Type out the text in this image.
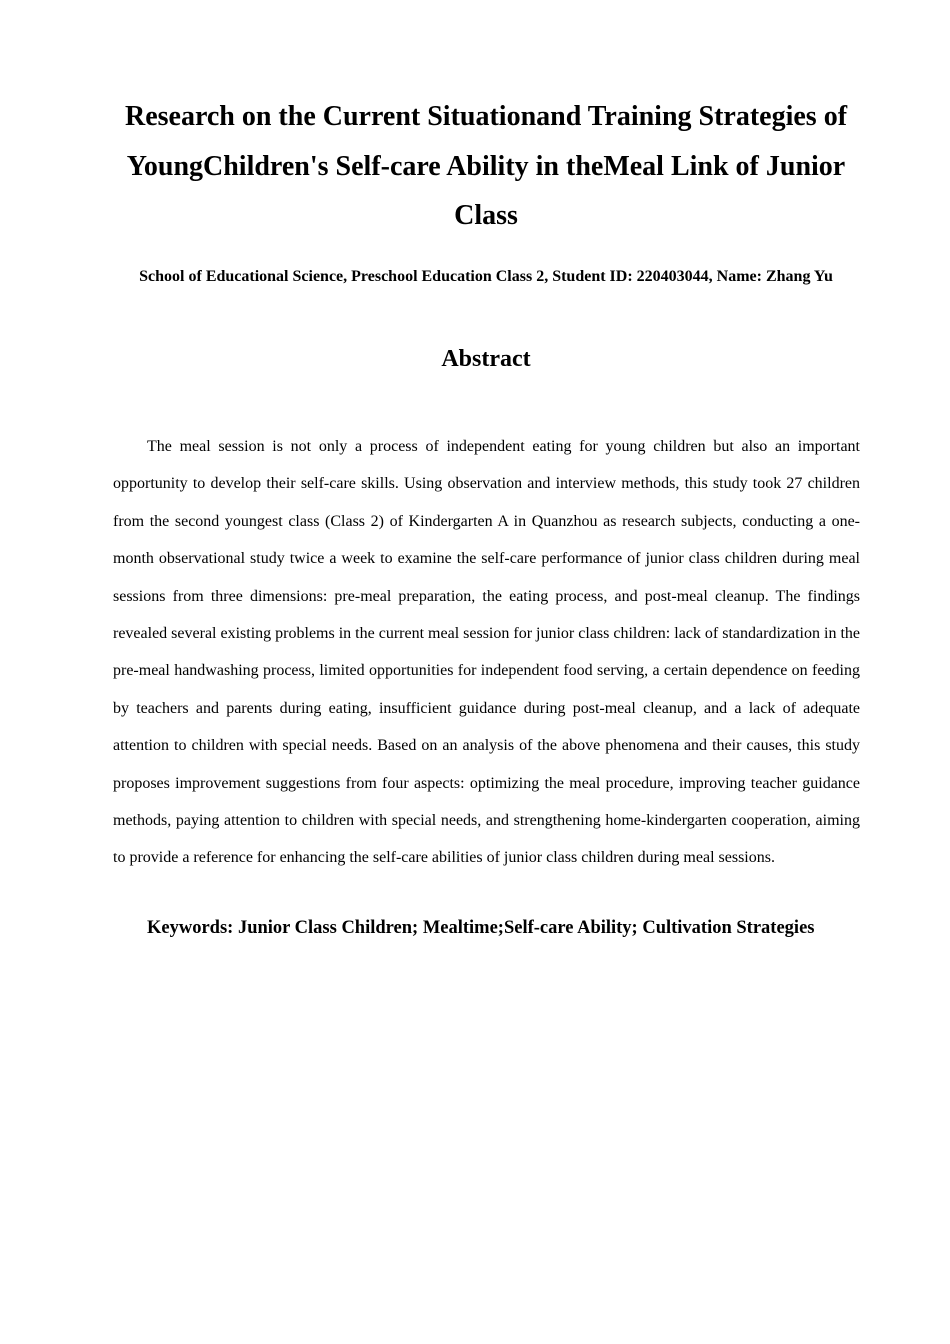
Research on the Current Situationand Training Strategies of YoungChildren's Self-care Ability in theMeal Link of Junior Class

School of Educational Science, Preschool Education Class 2, Student ID: 220403044, Name: Zhang Yu

Abstract

The meal session is not only a process of independent eating for young children but also an important opportunity to develop their self-care skills. Using observation and interview methods, this study took 27 children from the second youngest class (Class 2) of Kindergarten A in Quanzhou as research subjects, conducting a one-month observational study twice a week to examine the self-care performance of junior class children during meal sessions from three dimensions: pre-meal preparation, the eating process, and post-meal cleanup. The findings revealed several existing problems in the current meal session for junior class children: lack of standardization in the pre-meal handwashing process, limited opportunities for independent food serving, a certain dependence on feeding by teachers and parents during eating, insufficient guidance during post-meal cleanup, and a lack of adequate attention to children with special needs. Based on an analysis of the above phenomena and their causes, this study proposes improvement suggestions from four aspects: optimizing the meal procedure, improving teacher guidance methods, paying attention to children with special needs, and strengthening home-kindergarten cooperation, aiming to provide a reference for enhancing the self-care abilities of junior class children during meal sessions.

Keywords: Junior Class Children; Mealtime;Self-care Ability; Cultivation Strategies
